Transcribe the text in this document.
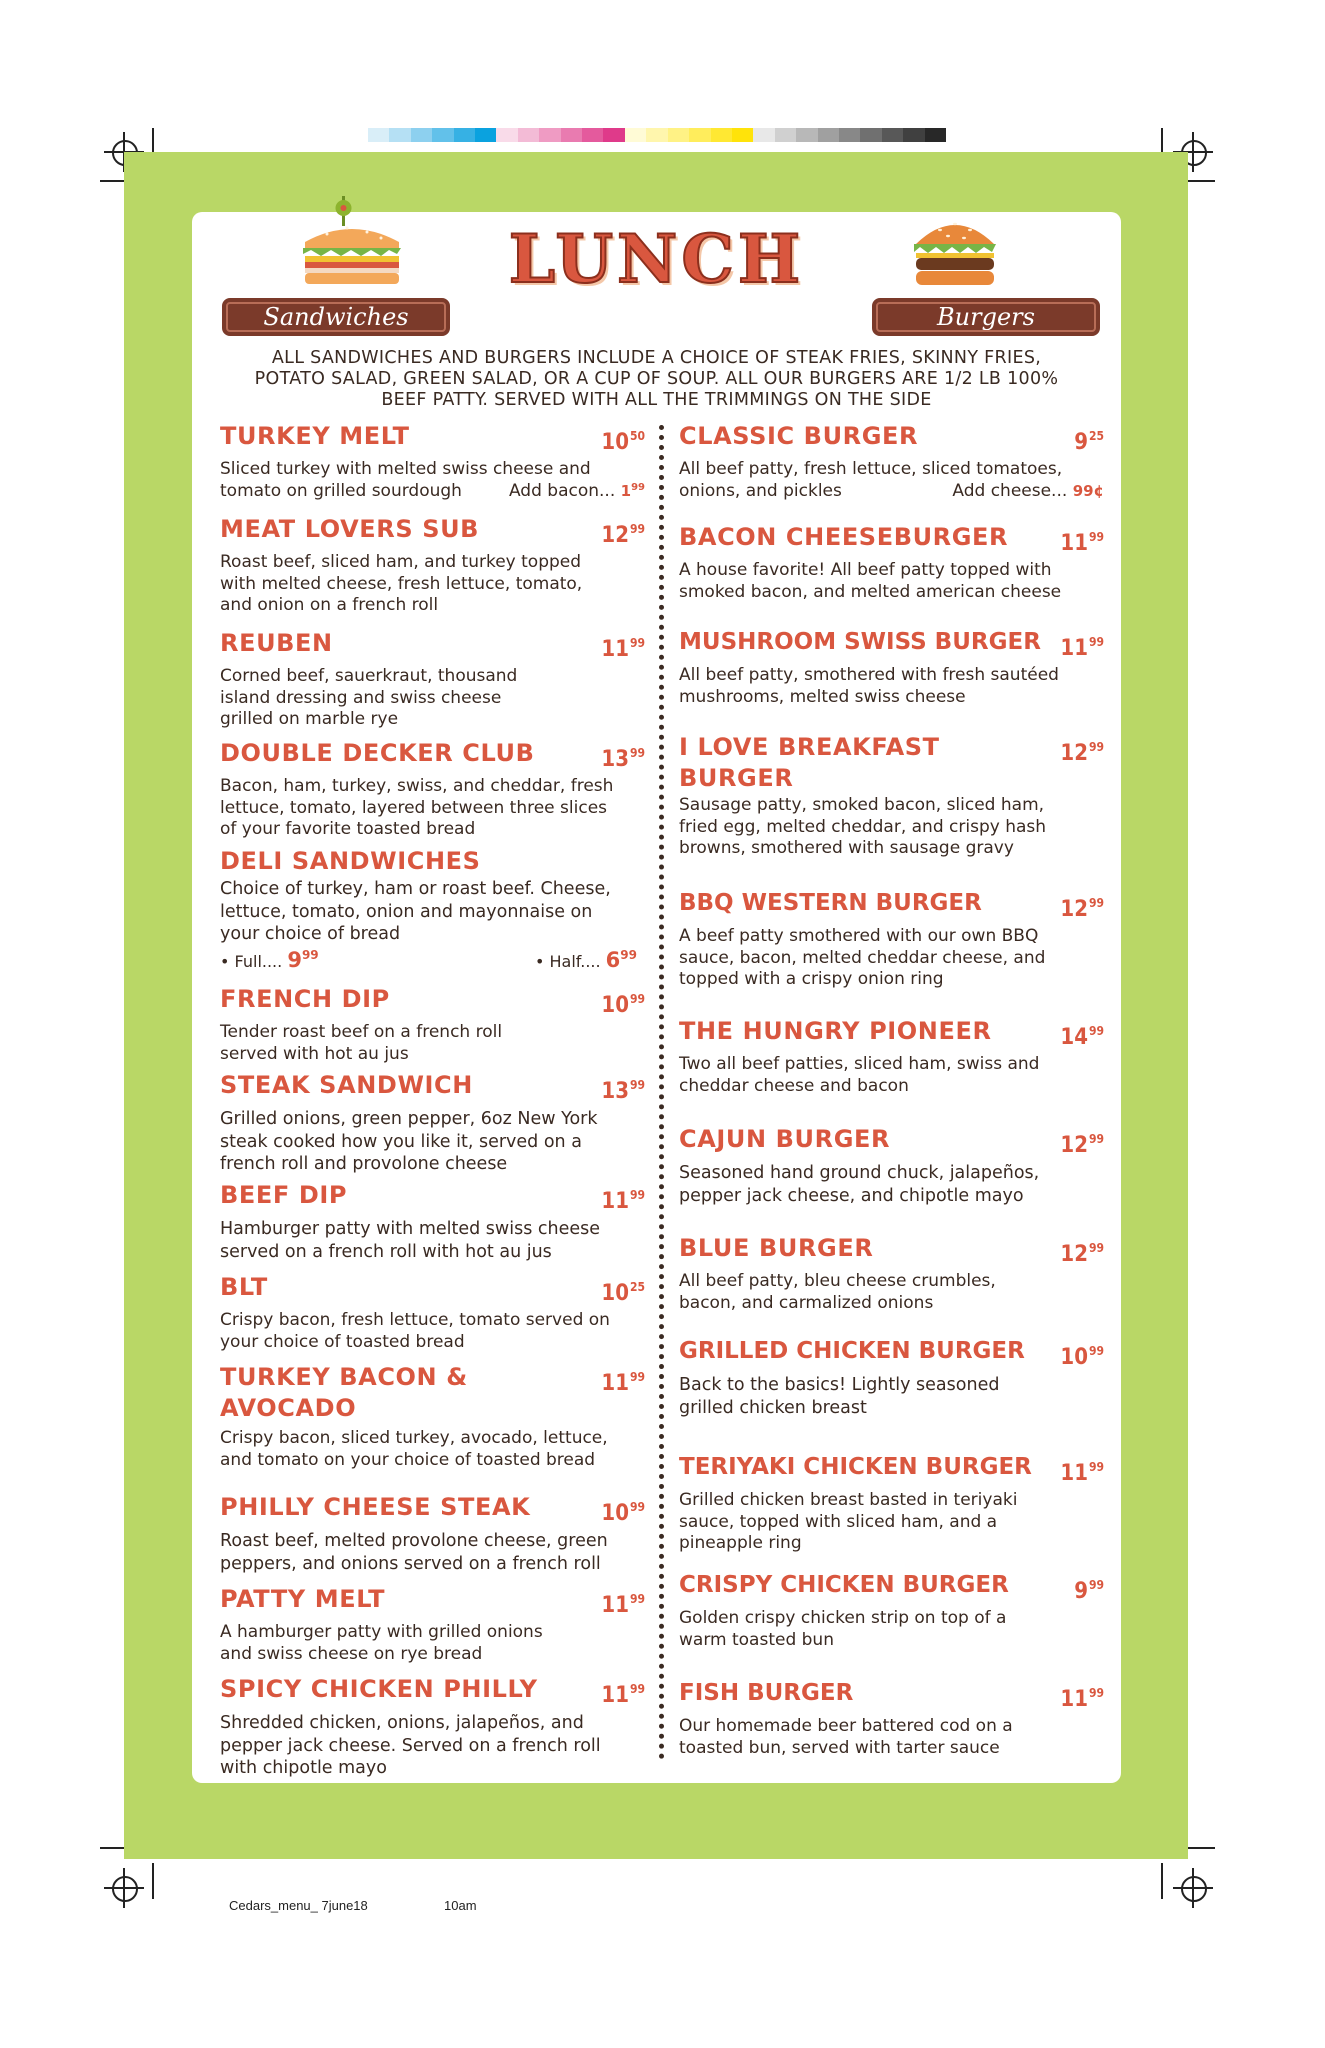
LUNCH
Sandwiches	Burgers
ALL SANDWICHES AND BURGERS INCLUDE A CHOICE OF STEAK FRIES, SKINNY FRIES,
POTATO SALAD, GREEN SALAD, OR A CUP OF SOUP. ALL OUR BURGERS ARE 1/2 LB 100%
BEEF PATTY. SERVED WITH ALL THE TRIMMINGS ON THE SIDE
TURKEY MELT	$10^{50}$
Sliced turkey with melted swiss cheese and tomato on grilled sourdough	Add bacon... $1^{99}$
MEAT LOVERS SUB	$12^{99}$
Roast beef, sliced ham, and turkey topped with melted cheese, fresh lettuce, tomato, and onion on a french roll
REUBEN	$11^{99}$
Corned beef, sauerkraut, thousand island dressing and swiss cheese grilled on marble rye
DOUBLE DECKER CLUB	$13^{99}$
Bacon, ham, turkey, swiss, and cheddar, fresh lettuce, tomato, layered between three slices of your favorite toasted bread
DELI SANDWICHES
Choice of turkey, ham or roast beef. Cheese, lettuce, tomato, onion and mayonnaise on your choice of bread
• Full.... $9^{99}$	• Half.... $6^{99}$
FRENCH DIP	$10^{99}$
Tender roast beef on a french roll served with hot au jus
STEAK SANDWICH	$13^{99}$
Grilled onions, green pepper, 6oz New York steak cooked how you like it, served on a french roll and provolone cheese
BEEF DIP	$11^{99}$
Hamburger patty with melted swiss cheese served on a french roll with hot au jus
BLT	$10^{25}$
Crispy bacon, fresh lettuce, tomato served on your choice of toasted bread
TURKEY BACON & AVOCADO
$11^{99}$
Crispy bacon, sliced turkey, avocado, lettuce, and tomato on your choice of toasted bread
PHILLY CHEESE STEAK	$10^{99}$
Roast beef, melted provolone cheese, green peppers, and onions served on a french roll
PATTY MELT	$11^{99}$
A hamburger patty with grilled onions and swiss cheese on rye bread
SPICY CHICKEN PHILLY	$11^{99}$
Shredded chicken, onions, jalapeños, and pepper jack cheese. Served on a french roll with chipotle mayo
CLASSIC BURGER	$9^{25}$
All beef patty, fresh lettuce, sliced tomatoes, onions, and pickles	Add cheese... 99¢
BACON CHEESEBURGER $11^{99}$
A house favorite! All beef patty topped with smoked bacon, and melted american cheese
MUSHROOM SWISS BURGER $11^{99}$
All beef patty, smothered with fresh sautéed mushrooms, melted swiss cheese
I LOVE BREAKFAST BURGER
$12^{99}$
Sausage patty, smoked bacon, sliced ham, fried egg, melted cheddar, and crispy hash browns, smothered with sausage gravy
BBQ WESTERN BURGER	$12^{99}$
A beef patty smothered with our own BBQ sauce, bacon, melted cheddar cheese, and topped with a crispy onion ring
THE HUNGRY PIONEER	$14^{99}$
Two all beef patties, sliced ham, swiss and cheddar cheese and bacon
CAJUN BURGER	$12^{99}$
Seasoned hand ground chuck, jalapeños, pepper jack cheese, and chipotle mayo
BLUE BURGER	$12^{99}$
All beef patty, bleu cheese crumbles, bacon, and carmalized onions
GRILLED CHICKEN BURGER $10^{99}$
Back to the basics! Lightly seasoned grilled chicken breast
TERIYAKI CHICKEN BURGER $11^{99}$
Grilled chicken breast basted in teriyaki sauce, topped with sliced ham, and a pineapple ring
CRISPY CHICKEN BURGER	$9^{99}$
Golden crispy chicken strip on top of a warm toasted bun
FISH BURGER	$11^{99}$
Our homemade beer battered cod on a toasted bun, served with tarter sauce
Cedars_menu_ 7june18	10am
